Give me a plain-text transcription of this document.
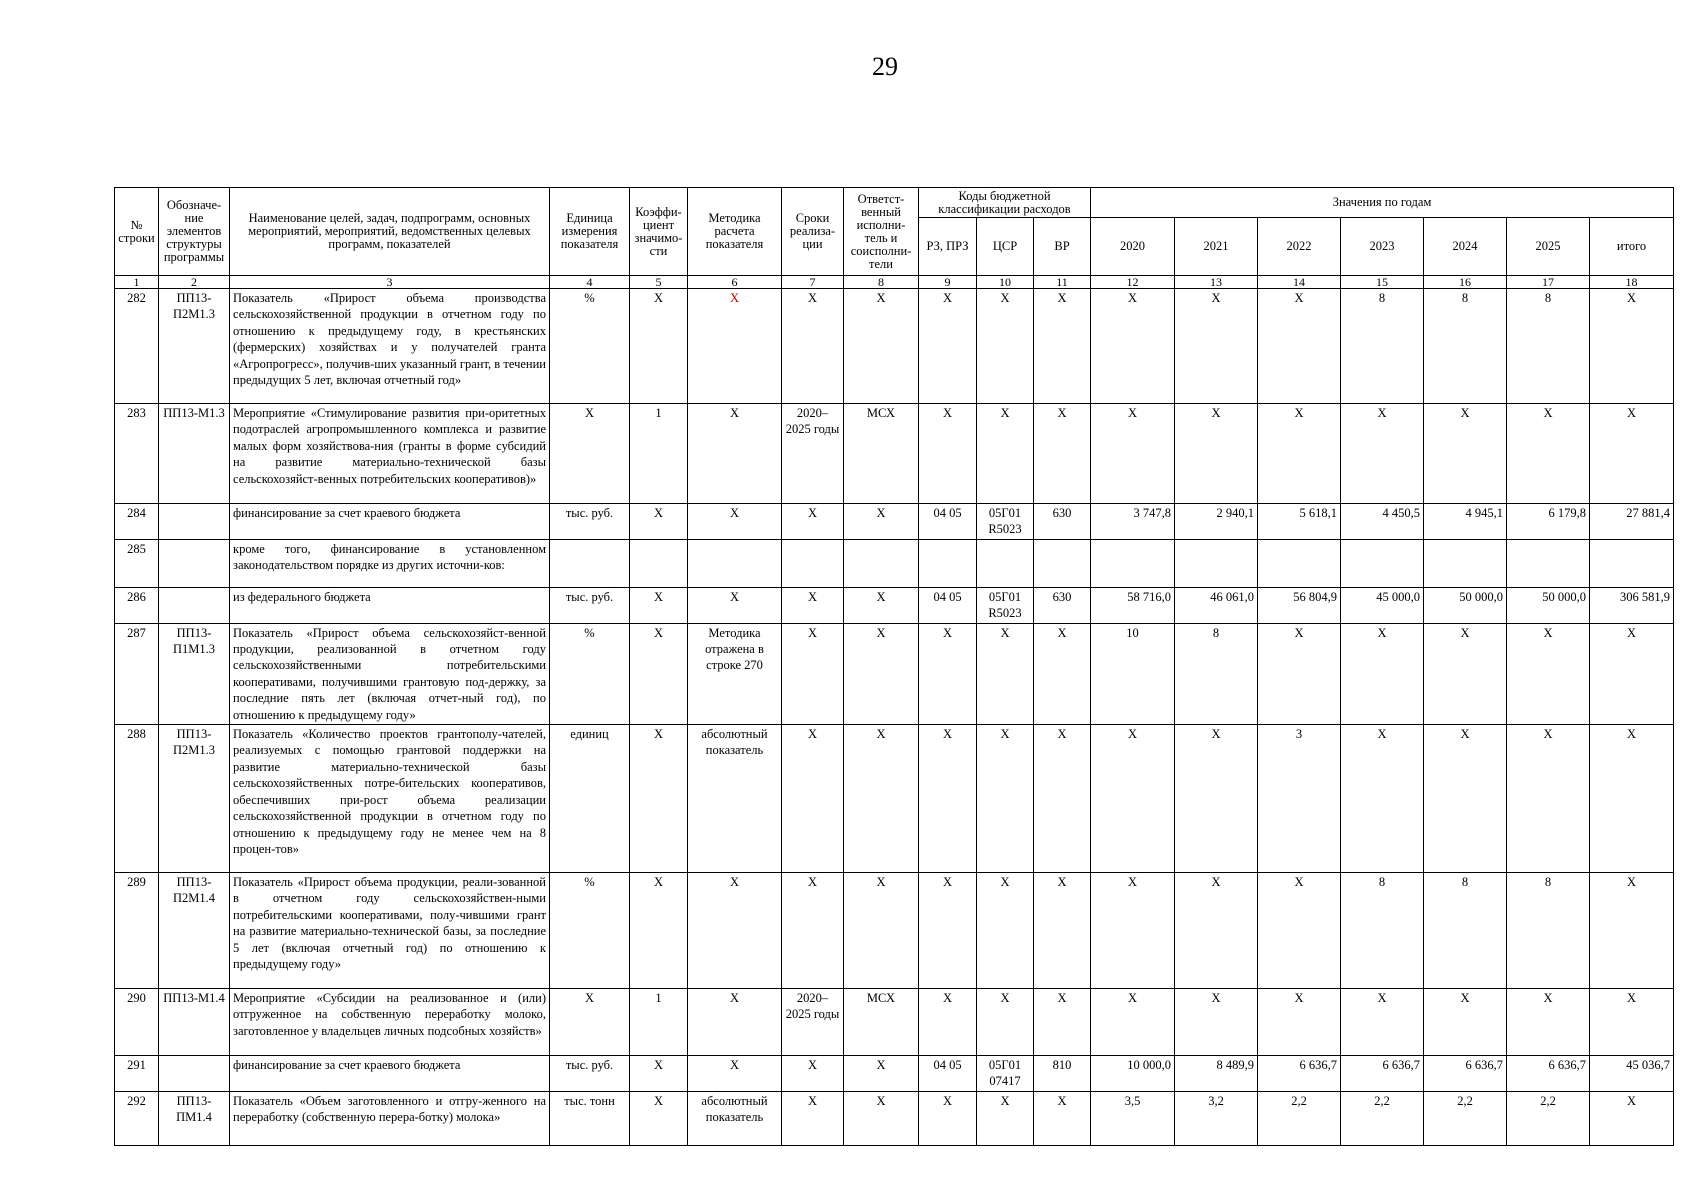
29
№ строки	Обозначе-ние элементов структуры программы	Наименование целей, задач, подпрограмм, основных мероприятий, мероприятий, ведомственных целевых программ, показателей	Единица измерения показателя	Коэффи-циент значимо-сти	Методика расчета показателя	Сроки реализа-ции	Ответст-венный исполни-тель и соисполни-тели	Коды бюджетной классификации расходов			Значения по годам						
								РЗ, ПРЗ	ЦСР	ВР	2020	2021	2022	2023	2024	2025	итого
1	2	3	4	5	6	7	8	9	10	11	12	13	14	15	16	17	18
282	ПП13-П2М1.3	Показатель «Прирост объема производства сельскохозяйственной продукции в отчетном году по отношению к предыдущему году, в крестьянских (фермерских) хозяйствах и у получателей гранта «Агропрогресс», получив-ших указанный грант, в течении предыдущих 5 лет, включая отчетный год»	%	X	X	X	X	X	X	X	X	X	X	8	8	8	X
283	ПП13-М1.3	Мероприятие «Стимулирование развития при-оритетных подотраслей агропромышленного комплекса и развитие малых форм хозяйствова-ния (гранты в форме субсидий на развитие материально-технической базы сельскохозяйст-венных потребительских кооперативов)»	X	1	X	2020–2025 годы	МСХ	X	X	X	X	X	X	X	X	X	X
284		финансирование за счет краевого бюджета	тыс. руб.	X	X	X	X	04 05	05Г01 R5023	630	3 747,8	2 940,1	5 618,1	4 450,5	4 945,1	6 179,8	27 881,4
285		кроме того, финансирование в установленном законодательством порядке из других источни-ков:															
286		из федерального бюджета	тыс. руб.	X	X	X	X	04 05	05Г01 R5023	630	58 716,0	46 061,0	56 804,9	45 000,0	50 000,0	50 000,0	306 581,9
287	ПП13-П1М1.3	Показатель «Прирост объема сельскохозяйст-венной продукции, реализованной в отчетном году сельскохозяйственными потребительскими кооперативами, получившими грантовую под-держку, за последние пять лет (включая отчет-ный год), по отношению к предыдущему году»	%	X	Методика отражена в строке 270	X	X	X	X	X	10	8	X	X	X	X	X
288	ПП13-П2М1.3	Показатель «Количество проектов грантополу-чателей, реализуемых с помощью грантовой поддержки на развитие материально-технической базы сельскохозяйственных потре-бительских кооперативов, обеспечивших при-рост объема реализации сельскохозяйственной продукции в отчетном году по отношению к предыдущему году не менее чем на 8 процен-тов»	единиц	X	абсолютный показатель	X	X	X	X	X	X	X	3	X	X	X	X
289	ПП13-П2М1.4	Показатель «Прирост объема продукции, реали-зованной в отчетном году сельскохозяйствен-ными потребительскими кооперативами, полу-чившими грант на развитие материально-технической базы, за последние 5 лет (включая отчетный год) по отношению к предыдущему году»	%	X	X	X	X	X	X	X	X	X	X	8	8	8	X
290	ПП13-М1.4	Мероприятие «Субсидии на реализованное и (или) отгруженное на собственную переработку молоко, заготовленное у владельцев личных подсобных хозяйств»	X	1	X	2020–2025 годы	МСХ	X	X	X	X	X	X	X	X	X	X
291		финансирование за счет краевого бюджета	тыс. руб.	X	X	X	X	04 05	05Г01 07417	810	10 000,0	8 489,9	6 636,7	6 636,7	6 636,7	6 636,7	45 036,7
292	ПП13-ПМ1.4	Показатель «Объем заготовленного и отгру-женного на переработку (собственную перера-ботку) молока»	тыс. тонн	X	абсолютный показатель	X	X	X	X	X	3,5	3,2	2,2	2,2	2,2	2,2	X
